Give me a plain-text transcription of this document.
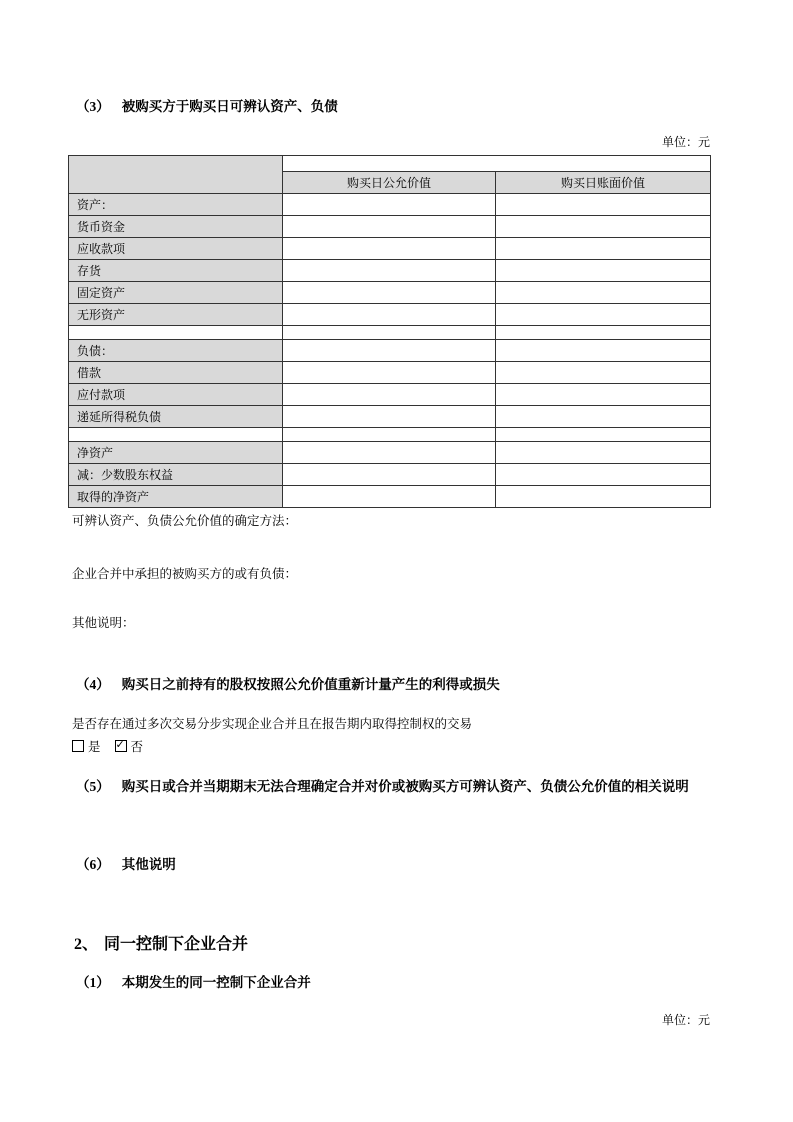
（3） 被购买方于购买日可辨认资产、负债
单位：元

	购买日公允价值	购买日账面价值
资产：		
货币资金		
应收款项		
存货		
固定资产		
无形资产		

负债：		
借款		
应付款项		
递延所得税负债		

净资产		
减：少数股东权益		
取得的净资产		
可辨认资产、负债公允价值的确定方法：
企业合并中承担的被购买方的或有负债：
其他说明：
（4） 购买日之前持有的股权按照公允价值重新计量产生的利得或损失
是否存在通过多次交易分步实现企业合并且在报告期内取得控制权的交易
是 ✓ 否
（5） 购买日或合并当期期末无法合理确定合并对价或被购买方可辨认资产、负债公允价值的相关说明
（6） 其他说明
2、 同一控制下企业合并
（1） 本期发生的同一控制下企业合并
单位：元
